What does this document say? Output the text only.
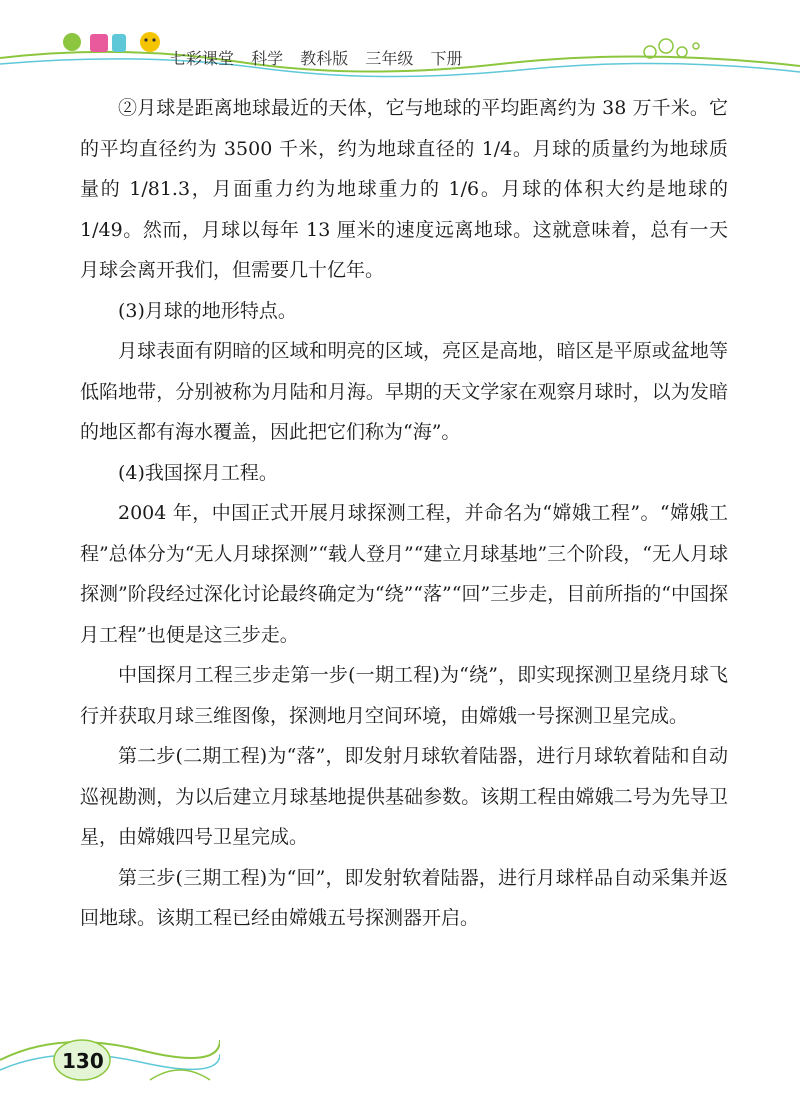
七彩课堂 科学 教科版 三年级 下册

②月球是距离地球最近的天体，它与地球的平均距离约为 38 万千米。它的平均直径约为 3500 千米，约为地球直径的 1/4。月球的质量约为地球质量的 1/81.3，月面重力约为地球重力的 1/6。月球的体积大约是地球的 1/49。然而，月球以每年 13 厘米的速度远离地球。这就意味着，总有一天月球会离开我们，但需要几十亿年。

(3)月球的地形特点。

月球表面有阴暗的区域和明亮的区域，亮区是高地，暗区是平原或盆地等低陷地带，分别被称为月陆和月海。早期的天文学家在观察月球时，以为发暗的地区都有海水覆盖，因此把它们称为“海”。

(4)我国探月工程。

2004 年，中国正式开展月球探测工程，并命名为“嫦娥工程”。“嫦娥工程”总体分为“无人月球探测”“载人登月”“建立月球基地”三个阶段，“无人月球探测”阶段经过深化讨论最终确定为“绕”“落”“回”三步走，目前所指的“中国探月工程”也便是这三步走。

中国探月工程三步走第一步(一期工程)为“绕”，即实现探测卫星绕月球飞行并获取月球三维图像，探测地月空间环境，由嫦娥一号探测卫星完成。

第二步(二期工程)为“落”，即发射月球软着陆器，进行月球软着陆和自动巡视勘测，为以后建立月球基地提供基础参数。该期工程由嫦娥二号为先导卫星，由嫦娥四号卫星完成。

第三步(三期工程)为“回”，即发射软着陆器，进行月球样品自动采集并返回地球。该期工程已经由嫦娥五号探测器开启。

130
